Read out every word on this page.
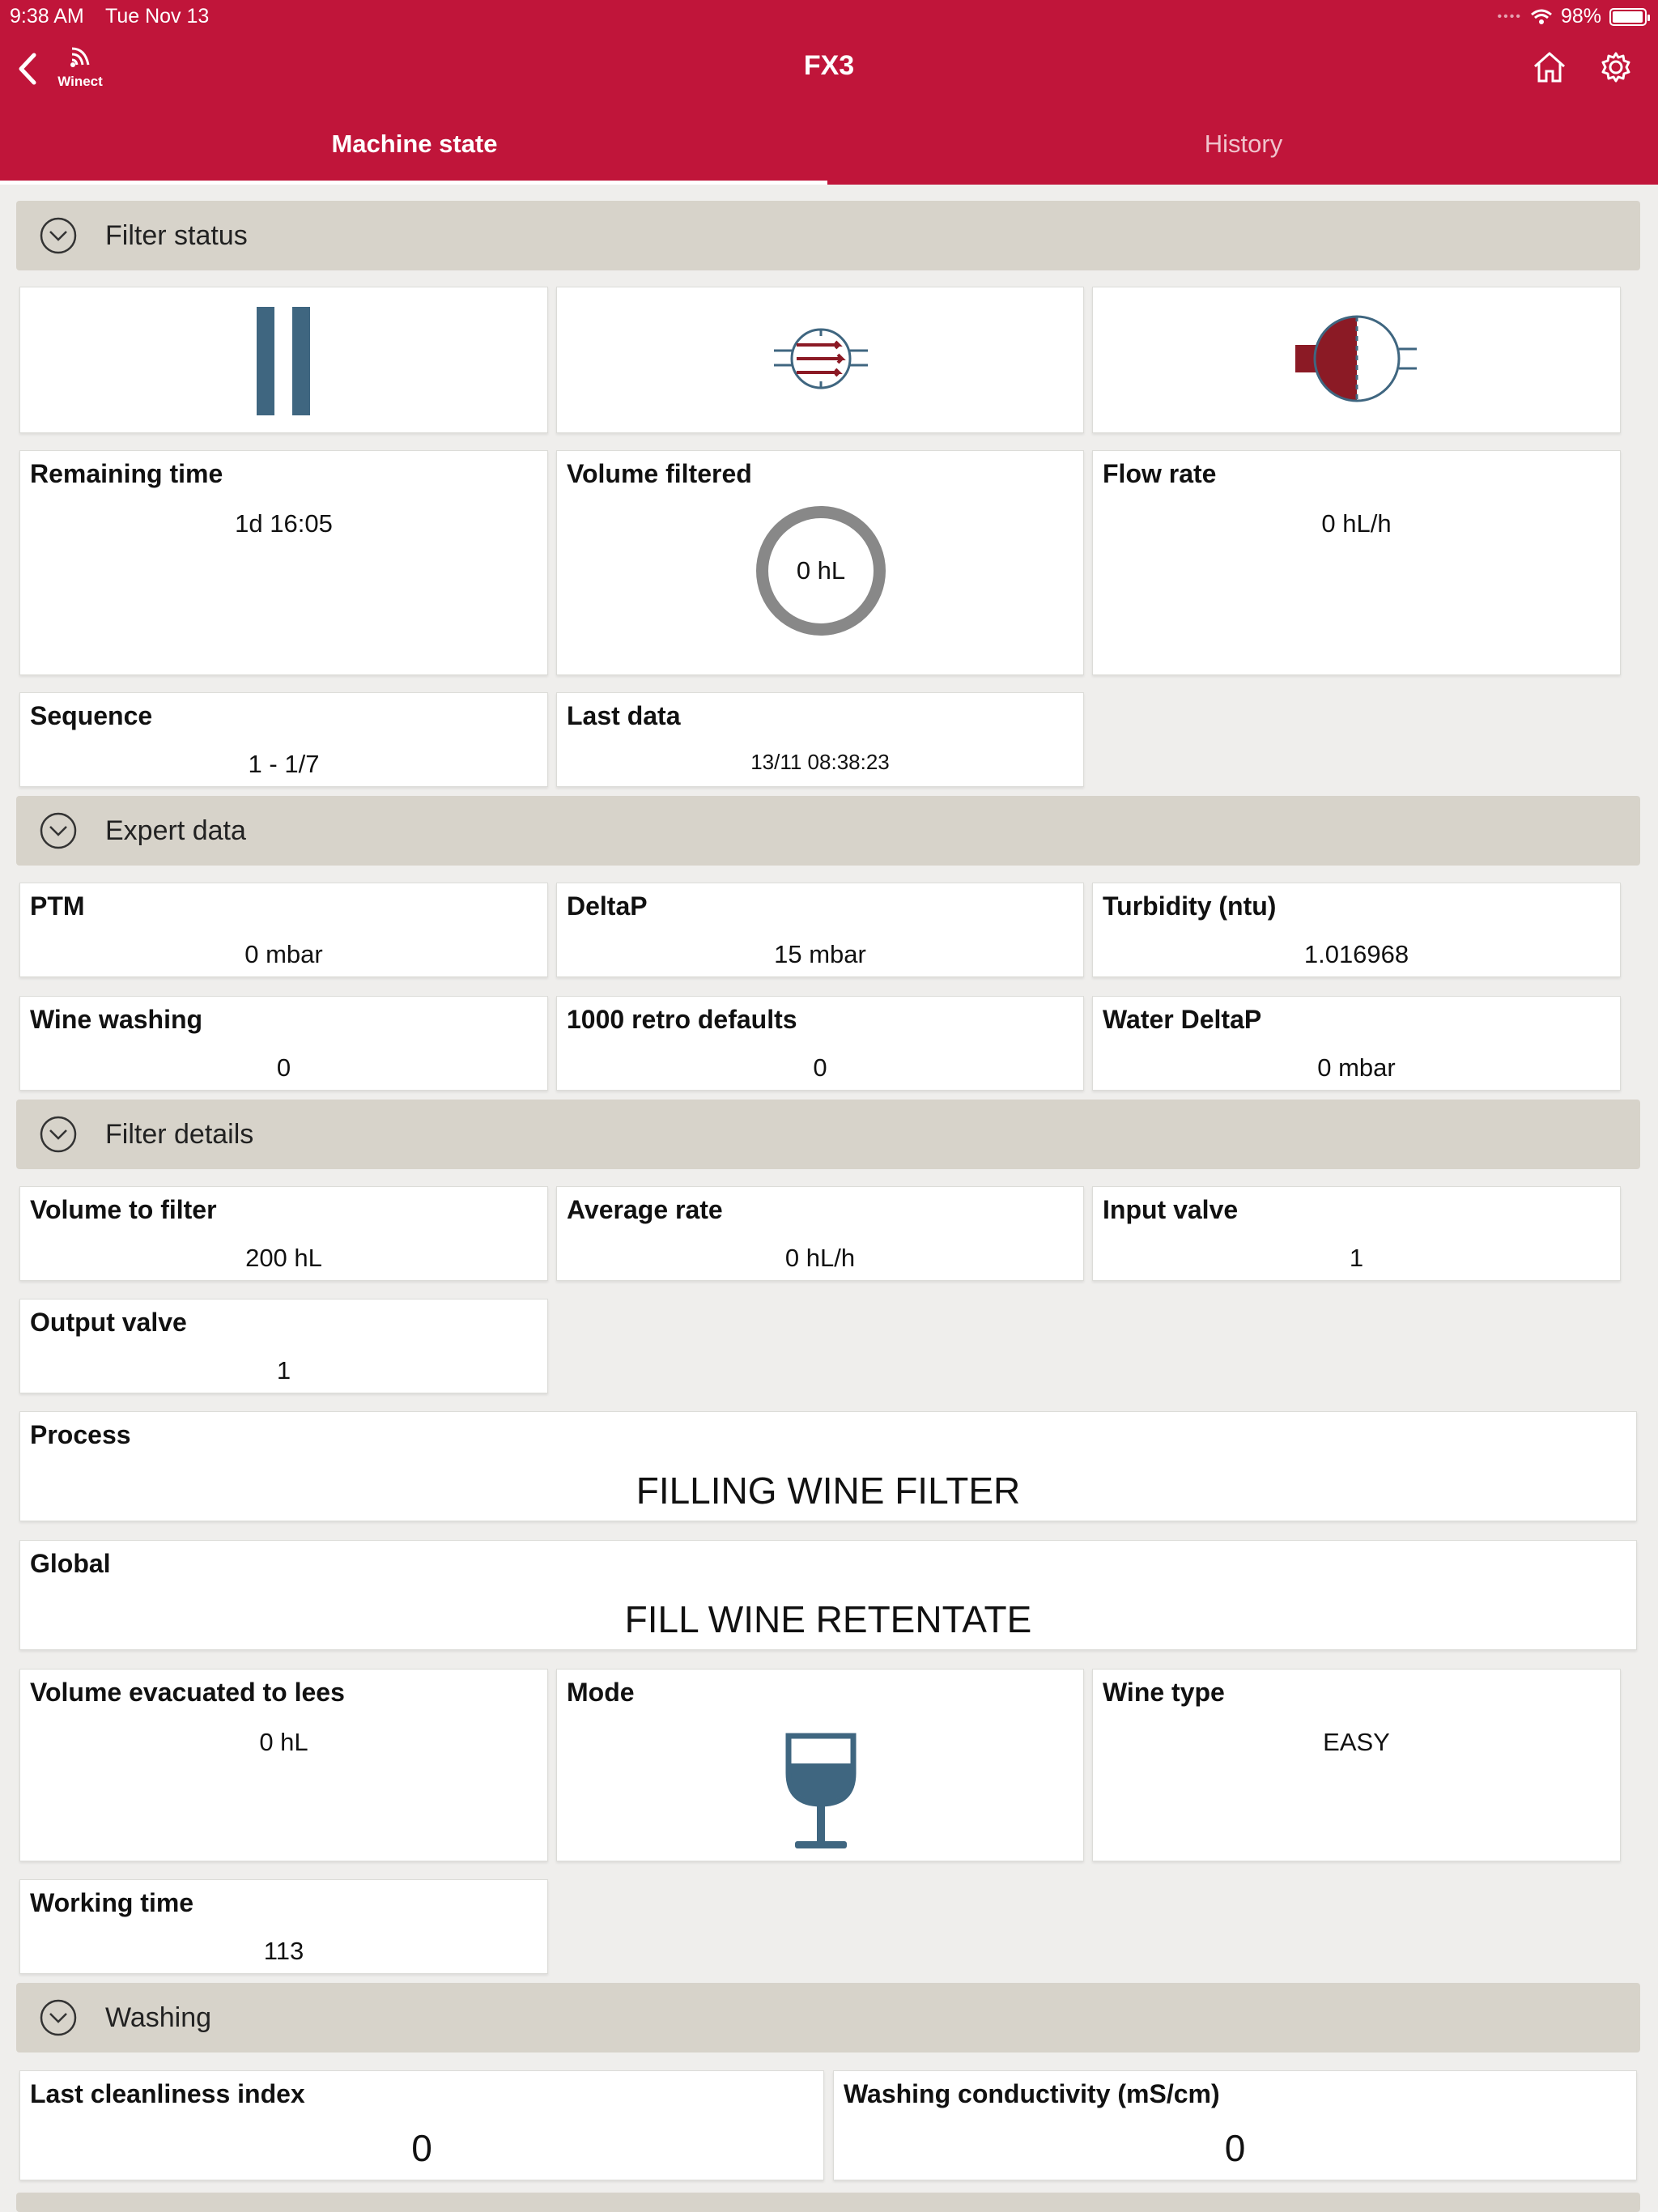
9:38 AM Tue Nov 13	•••• 98%
Winect
FX3
Machine state	History
Filter status
Remaining time
1d 16:05
Volume filtered
0 hL
Flow rate
0 hL/h
Sequence
1 - 1/7
Last data
13/11 08:38:23
Expert data
PTM
0 mbar
DeltaP
15 mbar
Turbidity (ntu)
1.016968
Wine washing
0
1000 retro defaults
0
Water DeltaP
0 mbar
Filter details
Volume to filter
200 hL
Average rate
0 hL/h
Input valve
1
Output valve
1
Process
FILLING WINE FILTER
Global
FILL WINE RETENTATE
Volume evacuated to lees
0 hL
Mode	Wine type
EASY
Working time
113
Washing
Last cleanliness index
0
Washing conductivity (mS/cm)
0
